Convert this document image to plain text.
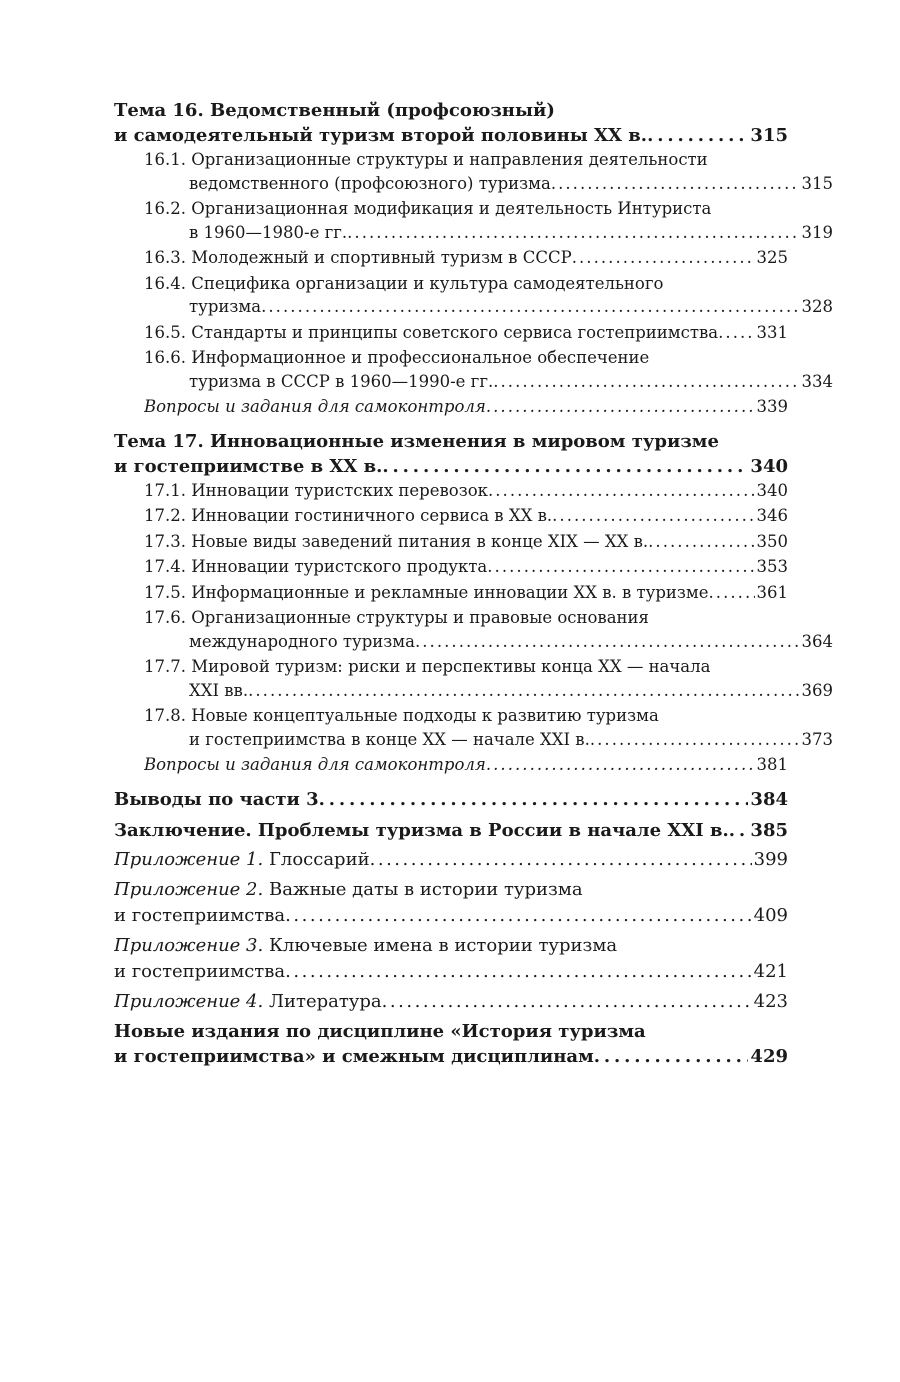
Тема 16. Ведомственный (профсоюзный)
и самодеятельный туризм второй половины XX в. . . .	315
16.1. Организационные структуры и направления деятельности
ведомственного (профсоюзного) туризма . . .	315
16.2. Организационная модификация и деятельность Интуриста
в 1960—1980-е гг. . . .	319
16.3. Молодежный и спортивный туризм в СССР . . .	325
16.4. Специфика организации и культура самодеятельного
туризма . . .	328
16.5. Стандарты и принципы советского сервиса гостеприимства . . . 331
16.6. Информационное и профессиональное обеспечение
туризма в СССР в 1960—1990-е гг. . . .	334
Вопросы и задания для самоконтроля . . .	339
Тема 17. Инновационные изменения в мировом туризме
и гостеприимстве в XX в. . . .	340
17.1. Инновации туристских перевозок . . .	340
17.2. Инновации гостиничного сервиса в XX в. . . .	346
17.3. Новые виды заведений питания в конце XIX — XX в. . . .	350
17.4. Инновации туристского продукта . . .	353
17.5. Информационные и рекламные инновации XX в. в туризме . . .	361
17.6. Организационные структуры и правовые основания
международного туризма . . .	364
17.7. Мировой туризм: риски и перспективы конца XX — начала
XXI вв. . . .	369
17.8. Новые концептуальные подходы к развитию туризма
и гостеприимства в конце XX — начале XXI в. . . .	373
Вопросы и задания для самоконтроля . . .	381
Выводы по части 3 . . .	384
Заключение. Проблемы туризма в России в начале XXI в. . . . 385
Приложение 1. Глоссарий . . .	399
Приложение 2. Важные даты в истории туризма
и гостеприимства . . .	409
Приложение 3. Ключевые имена в истории туризма
и гостеприимства . . .	421
Приложение 4. Литература . . .	423
Новые издания по дисциплине «История туризма
и гостеприимства» и смежным дисциплинам . . .	429
